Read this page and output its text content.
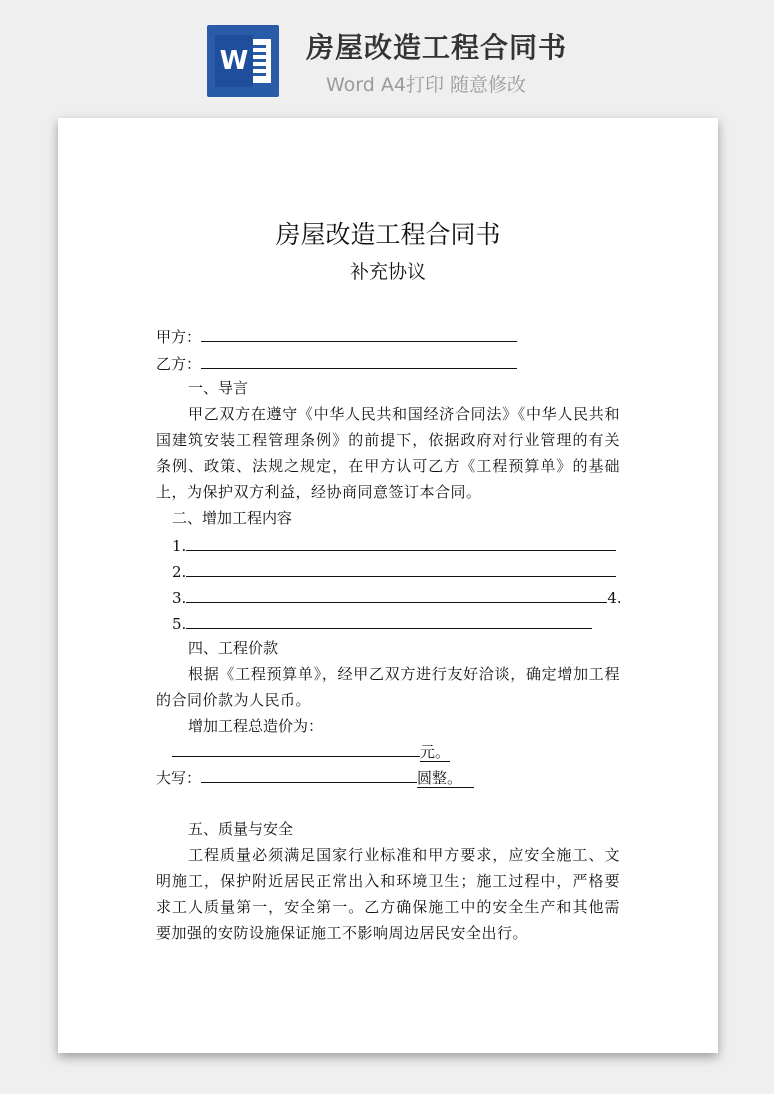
W 房屋改造工程合同书
Word A4打印 随意修改
房屋改造工程合同书
补充协议
甲方：
乙方：
一、导言
甲乙双方在遵守《中华人民共和国经济合同法》《中华人民共和国建筑安装工程管理条例》的前提下，依据政府对行业管理的有关条例、政策、法规之规定，在甲方认可乙方《工程预算单》的基础上，为保护双方利益，经协商同意签订本合同。
二、增加工程内容
1.
2.
3.	4.
5.
四、工程价款
根据《工程预算单》，经甲乙双方进行友好洽谈，确定增加工程的合同价款为人民币。
增加工程总造价为：
元。
大写：	圆整。
五、质量与安全
工程质量必须满足国家行业标准和甲方要求，应安全施工、文明施工，保护附近居民正常出入和环境卫生；施工过程中，严格要求工人质量第一，安全第一。乙方确保施工中的安全生产和其他需要加强的安防设施保证施工不影响周边居民安全出行。
